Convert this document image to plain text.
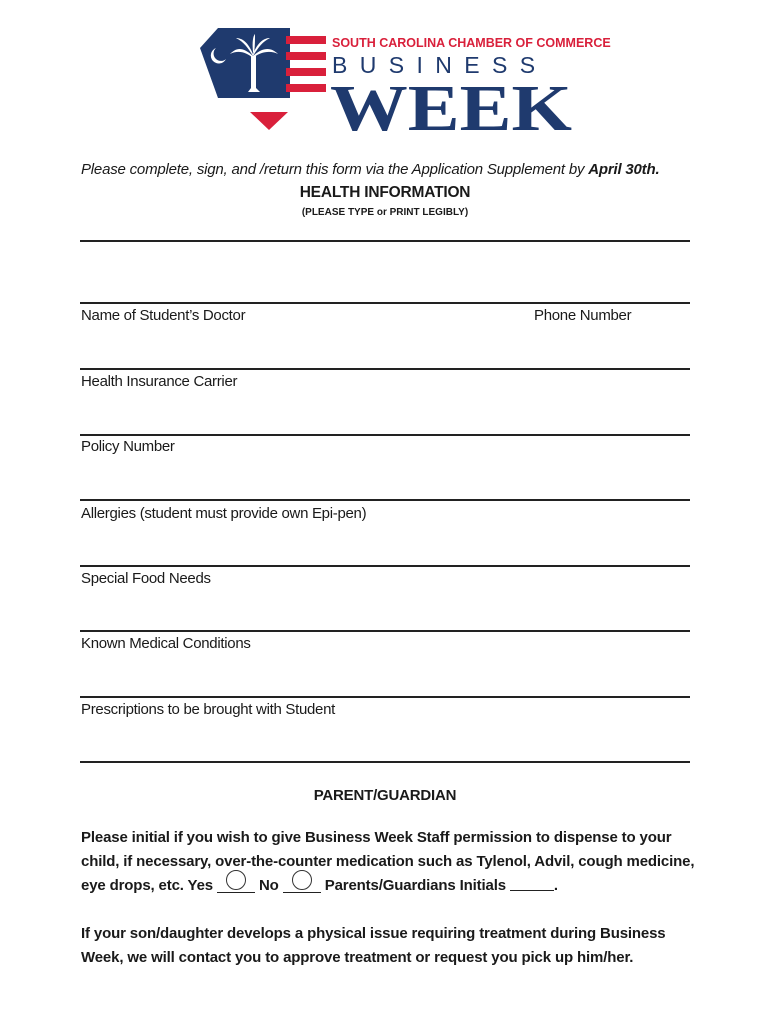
SOUTH CAROLINA CHAMBER OF COMMERCE
B U S I N E S S
WEEK
Please complete, sign, and /return this form via the Application Supplement by April 30th.
HEALTH INFORMATION
(PLEASE TYPE or PRINT LEGIBLY)
Name of Student’s Doctor	Phone Number
Health Insurance Carrier
Policy Number
Allergies (student must provide own Epi-pen)
Special Food Needs
Known Medical Conditions
Prescriptions to be brought with Student
PARENT/GUARDIAN
Please initial if you wish to give Business Week Staff permission to dispense to your
child, if necessary, over-the-counter medication such as Tylenol, Advil, cough medicine,
eye drops, etc. Yes	No	Parents/Guardians Initials	.
If your son/daughter develops a physical issue requiring treatment during Business
Week, we will contact you to approve treatment or request you pick up him/her.
